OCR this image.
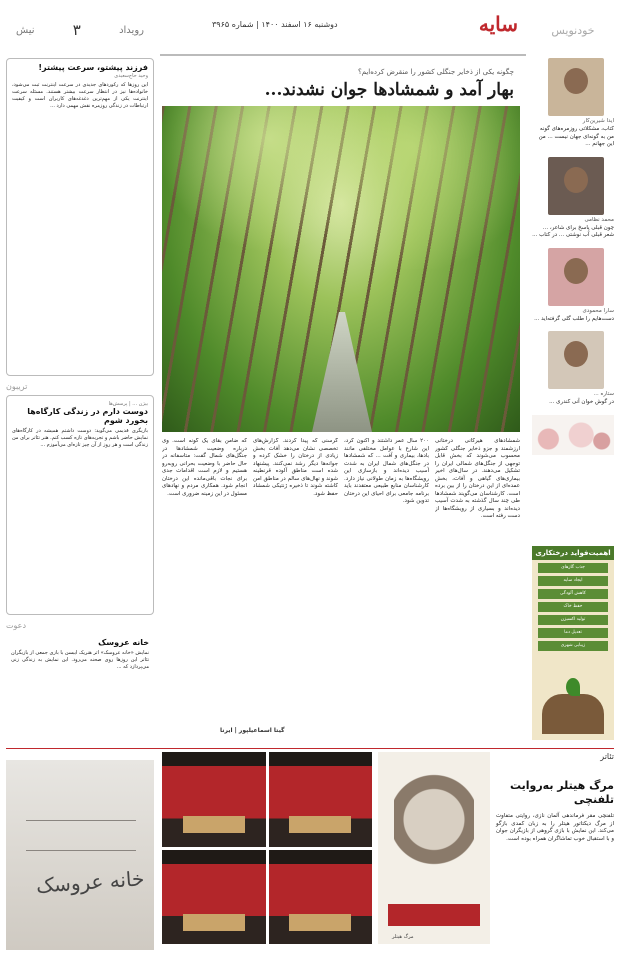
نیش	۳	رویداد	دوشنبه ۱۶ اسفند ۱۴۰۰ | شماره ۳۹۶۵	سایه	خودنویس
فرزند پیشتو، سرعت پیشتر!
وحید حاج‌سعیدی
این روزها که رکوردهای جدیدی در سرعت اینترنت ثبت می‌شود، خانواده‌ها نیز در انتظار سرعت بیشتر هستند. مسئله سرعت اینترنت یکی از مهم‌ترین دغدغه‌های کاربران است و کیفیت ارتباطات در زندگی روزمره نقش مهمی دارد ...
تریبون
بیژن ... | پرسش‌ها
دوست دارم در زندگی کارگاه‌ها بخورد شوم
بازیگری قدیمی می‌گوید: دوست داشتم همیشه در کارگاه‌های نمایش حاضر باشم و تجربه‌های تازه کسب کنم. هنر تئاتر برای من زندگی است و هر روز از آن چیز تازه‌ای می‌آموزم ...
دعوت
خانه عروسک
نمایش «خانه عروسک» اثر هنریک ایبسن با بازی جمعی از بازیگران تئاتر این روزها روی صحنه می‌رود. این نمایش به زندگی زنی می‌پردازد که ...
چگونه یکی از ذخایر جنگلی کشور را منقرض کرده‌ایم؟
بهار آمد و شمشادها جوان نشدند...
شمشادهای هیرکانی درختانی ارزشمند و جزو ذخایر جنگلی کشور محسوب می‌شوند که بخش قابل توجهی از جنگل‌های شمالی ایران را تشکیل می‌دهند. در سال‌های اخیر بیماری‌های گیاهی و آفات، بخش عمده‌ای از این درختان را از بین برده است. کارشناسان می‌گویند شمشادها طی چند سال گذشته به شدت آسیب دیده‌اند و بسیاری از رویشگاه‌ها از دست رفته است.
۲۰۰ سال عمر داشتند و اکنون کرد، این شارع با عوامل مختلفی مانند بادها، بیماری و آفت ... که شمشادها در جنگل‌های شمال ایران به شدت آسیب دیده‌اند و بازسازی این رویشگاه‌ها به زمان طولانی نیاز دارد. کارشناسان منابع طبیعی معتقدند باید برنامه جامعی برای احیای این درختان تدوین شود.
گرسنی که پیدا کردند. گزارش‌های تخصصی نشان می‌دهد آفات بخش زیادی از درختان را خشک کرده و جوانه‌ها دیگر رشد نمی‌کنند. پیشنهاد شده است مناطق آلوده قرنطینه شوند و نهال‌های سالم در مناطق امن کاشته شوند تا ذخیره ژنتیکی شمشاد حفظ شود.
که ضامن بقای یک گونه است. وی درباره وضعیت شمشادها در جنگل‌های شمال گفت: متاسفانه در حال حاضر با وضعیت بحرانی روبه‌رو هستیم و لازم است اقدامات جدی برای نجات باقی‌مانده این درختان انجام شود. همکاری مردم و نهادهای مسئول در این زمینه ضروری است.
گیتا اسماعیلپور | ایرنا
ایدا شیرین‌کار
کتاب، مشکلاتی روزمره‌های گونه من به گونه‌ای جهان نیست ... من این جهانم ...
محمد نظامی
چون قبلی پاسخ برای شاعر، ... شعر قبلی آب نوشتی ... در کتاب ...
سارا محمودی
دست‌هایم را طلب گلی گرفته‌اید ...
ستاره ...
در گوش خوان آنی کندری ...
اهمیت‌فواید درختکاری
جذب گازهای
ایجاد سایه
کاهش آلودگی
حفظ خاک
تولید اکسیژن
تعدیل دما
زیبایی شهری
خانه عروسک
مرگ هیتلر
تئاتر
مرگ هیتلر به‌روایت تلفنچی
تلفنچی مقر فرماندهی آلمان نازی، روایتی متفاوت از مرگ دیکتاتور هیتلر را به زبان کمدی بازگو می‌کند. این نمایش با بازی گروهی از بازیگران جوان و با استقبال خوب تماشاگران همراه بوده است.
